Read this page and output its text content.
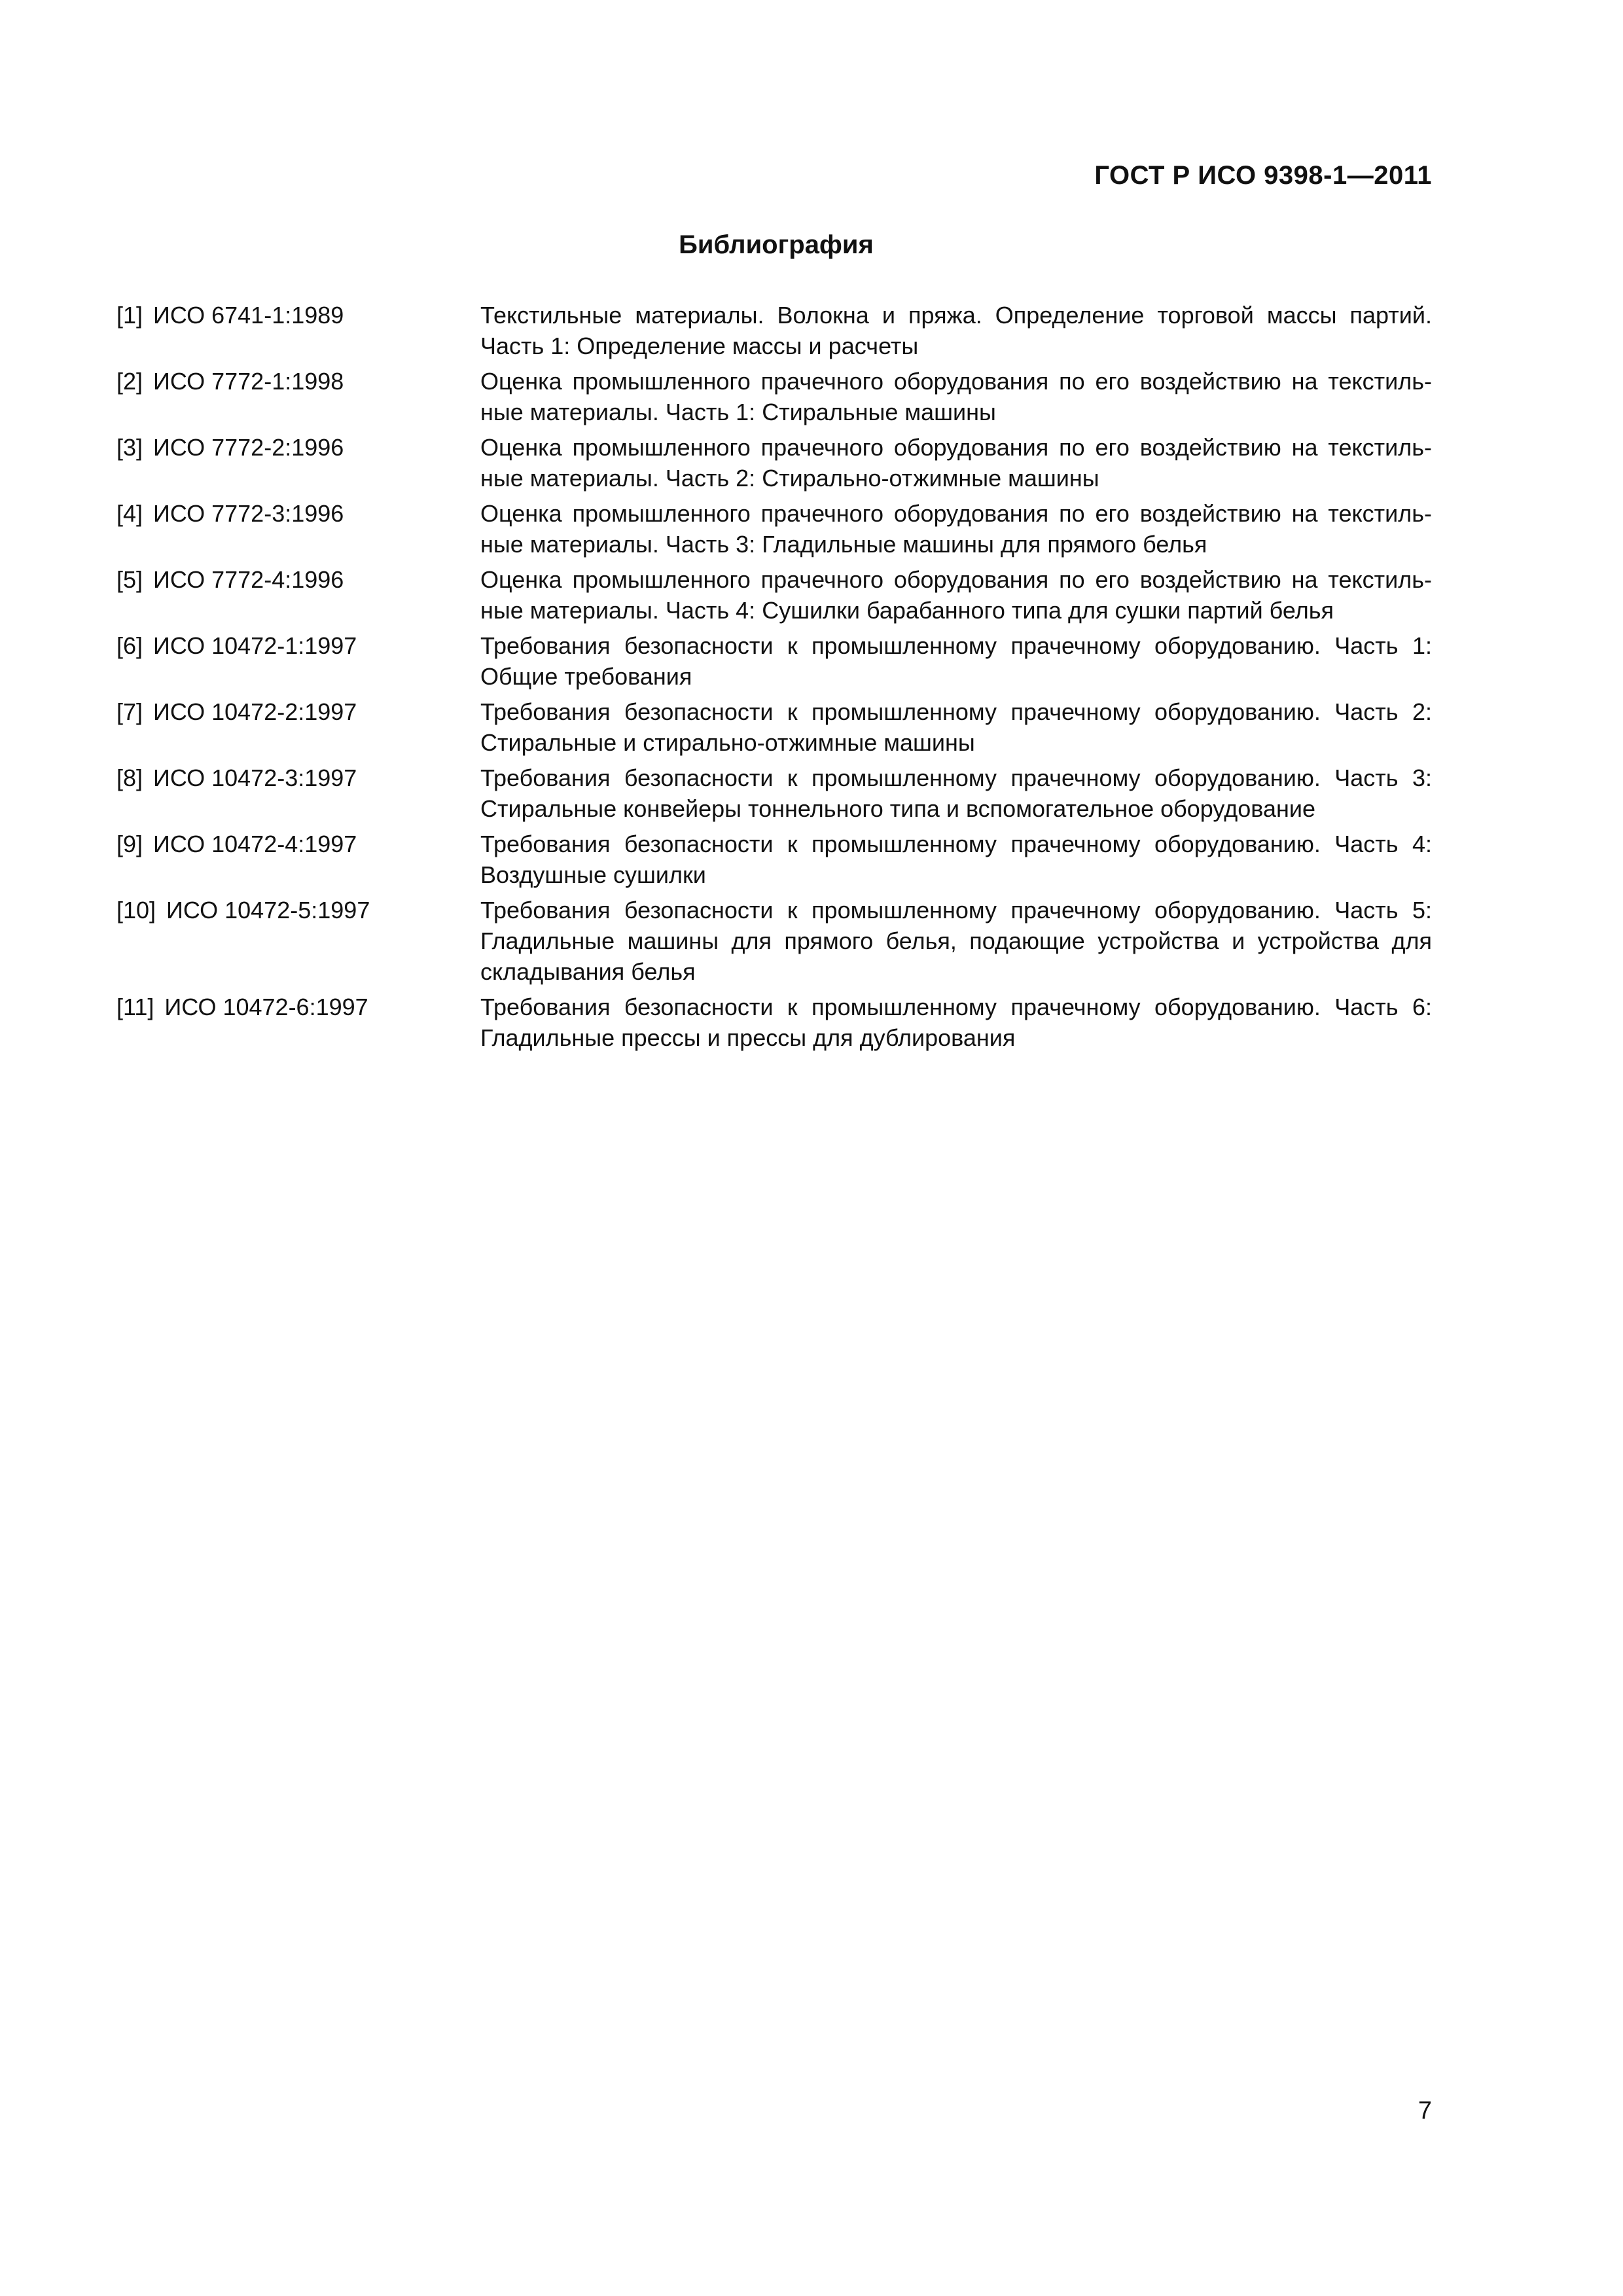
ГОСТ Р ИСО 9398-1—2011
Библиография
[1] ИСО 6741-1:1989	Текстильные материалы. Волокна и пряжа. Определение торговой массы партий. Часть 1: Определение массы и расчеты
[2] ИСО 7772-1:1998	Оценка промышленного прачечного оборудования по его воздействию на текстильные материалы. Часть 1: Стиральные машины
[3] ИСО 7772-2:1996	Оценка промышленного прачечного оборудования по его воздействию на текстильные материалы. Часть 2: Стирально-отжимные машины
[4] ИСО 7772-3:1996	Оценка промышленного прачечного оборудования по его воздействию на текстильные материалы. Часть 3: Гладильные машины для прямого белья
[5] ИСО 7772-4:1996	Оценка промышленного прачечного оборудования по его воздействию на текстильные материалы. Часть 4: Сушилки барабанного типа для сушки партий белья
[6] ИСО 10472-1:1997	Требования безопасности к промышленному прачечному оборудованию. Часть 1: Общие требования
[7] ИСО 10472-2:1997	Требования безопасности к промышленному прачечному оборудованию. Часть 2: Стиральные и стирально-отжимные машины
[8] ИСО 10472-3:1997	Требования безопасности к промышленному прачечному оборудованию. Часть 3: Стиральные конвейеры тоннельного типа и вспомогательное оборудование
[9] ИСО 10472-4:1997	Требования безопасности к промышленному прачечному оборудованию. Часть 4: Воздушные сушилки
[10] ИСО 10472-5:1997	Требования безопасности к промышленному прачечному оборудованию. Часть 5: Гладильные машины для прямого белья, подающие устройства и устройства для складывания белья
[11] ИСО 10472-6:1997	Требования безопасности к промышленному прачечному оборудованию. Часть 6: Гладильные прессы и прессы для дублирования
7
